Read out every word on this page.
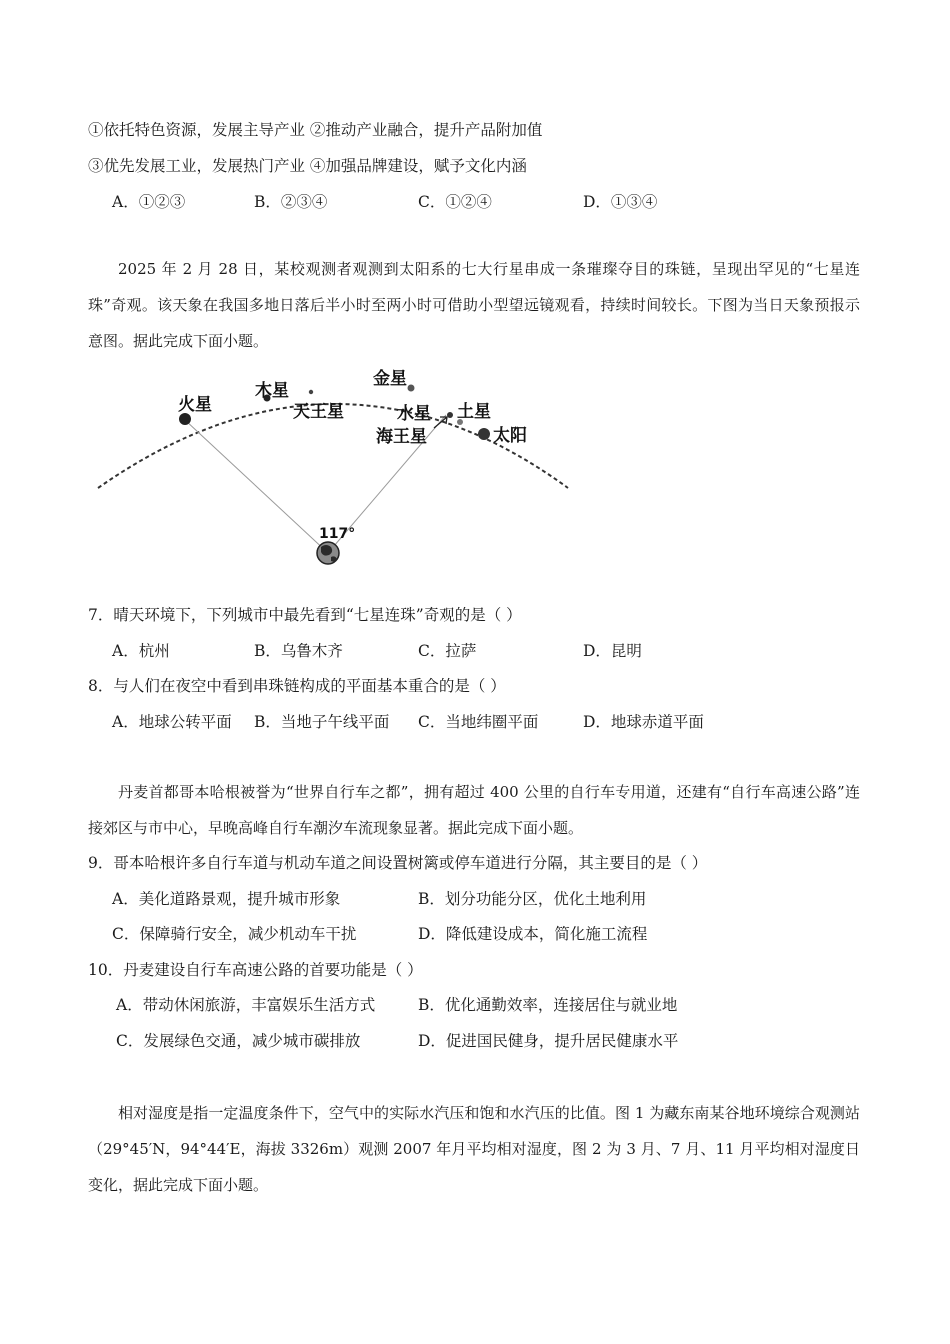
①依托特色资源，发展主导产业 ②推动产业融合，提升产品附加值
③优先发展工业，发展热门产业 ④加强品牌建设，赋予文化内涵
A．①②③	B．②③④	C．①②④	D．①③④
2025 年 2 月 28 日，某校观测者观测到太阳系的七大行星串成一条璀璨夺目的珠链，呈现出罕见的“七星连珠”奇观。该天象在我国多地日落后半小时至两小时可借助小型望远镜观看，持续时间较长。下图为当日天象预报示意图。据此完成下面小题。
火星
木星
天王星
金星
水星 土星
海王星	太阳
117°
7．晴天环境下，下列城市中最先看到“七星连珠”奇观的是（ ）
A．杭州	B．乌鲁木齐	C．拉萨	D．昆明
8．与人们在夜空中看到串珠链构成的平面基本重合的是（ ）
A．地球公转平面 B．当地子午线平面 C．当地纬圈平面	D．地球赤道平面
丹麦首都哥本哈根被誉为“世界自行车之都”，拥有超过 400 公里的自行车专用道，还建有“自行车高速公路”连接郊区与市中心，早晚高峰自行车潮汐车流现象显著。据此完成下面小题。
9．哥本哈根许多自行车道与机动车道之间设置树篱或停车道进行分隔，其主要目的是（ ）
A．美化道路景观，提升城市形象	B．划分功能分区，优化土地利用
C．保障骑行安全，减少机动车干扰	D．降低建设成本，简化施工流程
10．丹麦建设自行车高速公路的首要功能是（ ）
A．带动休闲旅游，丰富娱乐生活方式	B．优化通勤效率，连接居住与就业地
C．发展绿色交通，减少城市碳排放	D．促进国民健身，提升居民健康水平
相对湿度是指一定温度条件下，空气中的实际水汽压和饱和水汽压的比值。图 1 为藏东南某谷地环境综合观测站（29°45′N，94°44′E，海拔 3326m）观测 2007 年月平均相对湿度，图 2 为 3 月、7 月、11 月平均相对湿度日变化，据此完成下面小题。
